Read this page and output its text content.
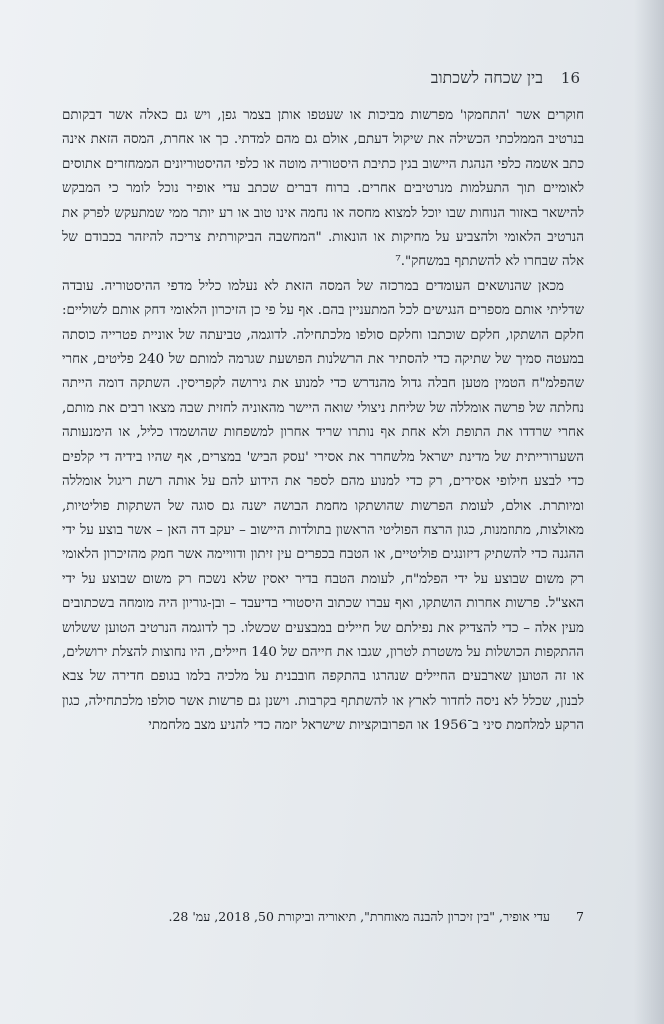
16
בין שכחה לשכתוב

חוקרים אשר 'התחמקו' מפרשות מביכות או שעטפו אותן בצמר גפן, ויש גם כאלה אשר דבקותם בנרטיב הממלכתי הכשילה את שיקול דעתם, אולם גם מהם למדתי. כך או אחרת, המסה הזאת אינה כתב אשמה כלפי הנהגת היישוב בגין כתיבת היסטוריה מוטה או כלפי ההיסטוריונים הממחזרים אתוסים לאומיים תוך התעלמות מנרטיבים אחרים. ברוח דברים שכתב עדי אופיר נוכל לומר כי המבקש להישאר באזור הנוחות שבו יוכל למצוא מחסה או נחמה אינו טוב או רע יותר ממי שמתעקש לפרק את הנרטיב הלאומי ולהצביע על מחיקות או הונאות. "המחשבה הביקורתית צריכה להיזהר בכבודם של אלה שבחרו לא להשתתף במשחק".⁷

מכאן שהנושאים העומדים במרכזה של המסה הזאת לא נעלמו כליל מדפי ההיסטוריה. עובדה שדליתי אותם מספרים הנגישים לכל המתעניין בהם. אף על פי כן הזיכרון הלאומי דחק אותם לשוליים: חלקם הושתקו, חלקם שוכתבו וחלקם סולפו מלכתחילה. לדוגמה, טביעתה של אוניית פטרייה כוסתה במעטה סמיך של שתיקה כדי להסתיר את הרשלנות הפושעת שגרמה למותם של 240 פליטים, אחרי שהפלמ"ח הטמין מטען חבלה גדול מהנדרש כדי למנוע את גירושה לקפריסין. השתקה דומה הייתה נחלתה של פרשה אומללה של שליחת ניצולי שואה היישר מהאוניה לחזית שבה מצאו רבים את מותם, אחרי שרדדו את התופת ולא אחת אף נותרו שריד אחרון למשפחות שהושמדו כליל, או הימנעותה השערורייתית של מדינת ישראל מלשחרר את אסירי 'עסק הביש' במצרים, אף שהיו בידיה די קלפים כדי לבצע חילופי אסירים, רק כדי למנוע מהם לספר את הידוע להם על אותה רשת ריגול אומללה ומיותרת. אולם, לעומת הפרשות שהושתקו מחמת הבושה ישנה גם סוגה של השתקות פוליטיות, מאולצות, מתוזמנות, כגון הרצח הפוליטי הראשון בתולדות היישוב – יעקב דה האן – אשר בוצע על ידי ההגנה כדי להשתיק דיזונגים פוליטיים, או הטבח בכפרים עין זיתון ודוויימה אשר חמק מהזיכרון הלאומי רק משום שבוצע על ידי הפלמ"ח, לעומת הטבח בדיר יאסין שלא נשכח רק משום שבוצע על ידי האצ"ל. פרשות אחרות הושתקו, ואף עברו שכתוב היסטורי בדיעבד – ובן-גוריון היה מומחה בשכתובים מעין אלה – כדי להצדיק את נפילתם של חיילים במבצעים שכשלו. כך לדוגמה הנרטיב הטוען ששלוש ההתקפות הכושלות על משטרת לטרון, שגבו את חייהם של 140 חיילים, היו נחוצות להצלת ירושלים, או זה הטוען שארבעים החיילים שנהרגו בהתקפה חובבנית על מלכיה בלמו בגופם חדירה של צבא לבנון, שכלל לא ניסה לחדור לארץ או להשתתף בקרבות. וישנן גם פרשות אשר סולפו מלכתחילה, כגון הרקע למלחמת סיני ב־1956 או הפרובוקציות שישראל יזמה כדי להניע מצב מלחמתי

7
עדי אופיר, "בין זיכרון להבנה מאוחרת", תיאוריה וביקורת 50, 2018, עמ' 28.
